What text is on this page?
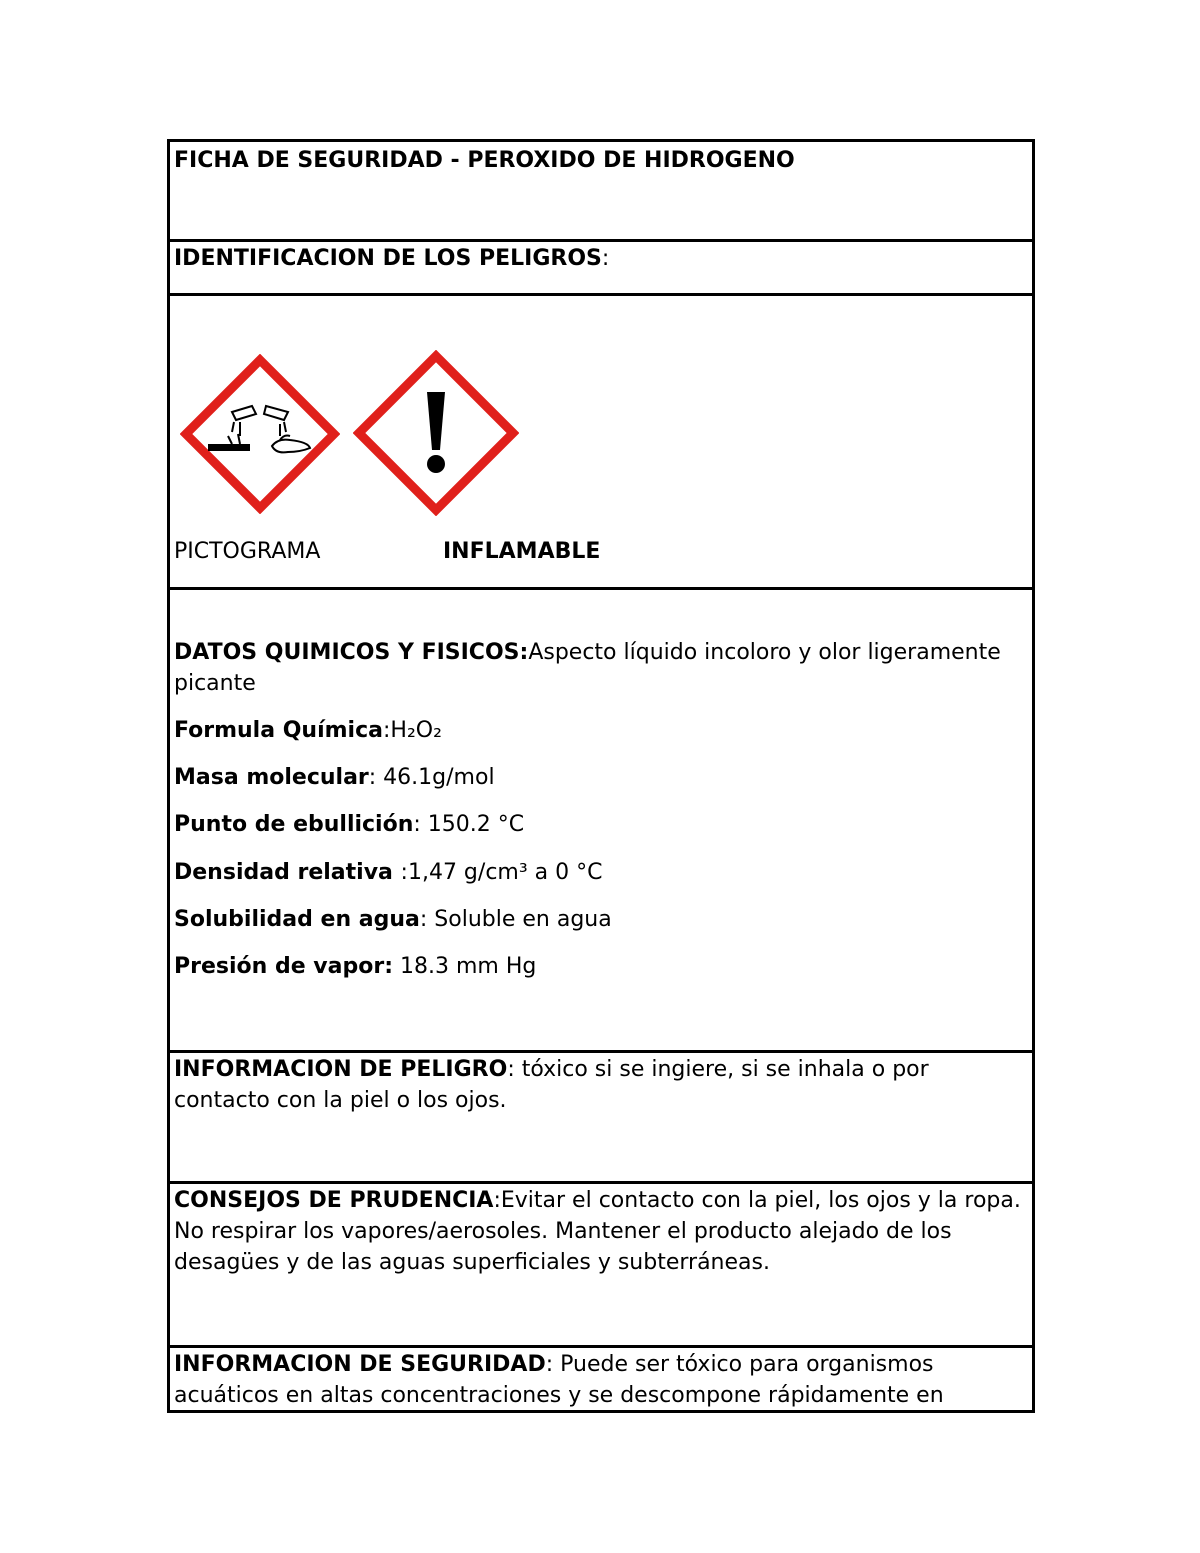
FICHA DE SEGURIDAD - PEROXIDO DE HIDROGENO
IDENTIFICACION DE LOS PELIGROS:
PICTOGRAMA	INFLAMABLE
DATOS QUIMICOS Y FISICOS:Aspecto líquido incoloro y olor ligeramente picante
Formula Química:H₂O₂
Masa molecular: 46.1g/mol
Punto de ebullición: 150.2 °C
Densidad relativa :1,47 g/cm³ a 0 °C
Solubilidad en agua: Soluble en agua
Presión de vapor: 18.3 mm Hg
INFORMACION DE PELIGRO: tóxico si se ingiere, si se inhala o por contacto con la piel o los ojos.
CONSEJOS DE PRUDENCIA:Evitar el contacto con la piel, los ojos y la ropa. No respirar los vapores/aerosoles. Mantener el producto alejado de los desagües y de las aguas superficiales y subterráneas.
INFORMACION DE SEGURIDAD: Puede ser tóxico para organismos acuáticos en altas concentraciones y se descompone rápidamente en
